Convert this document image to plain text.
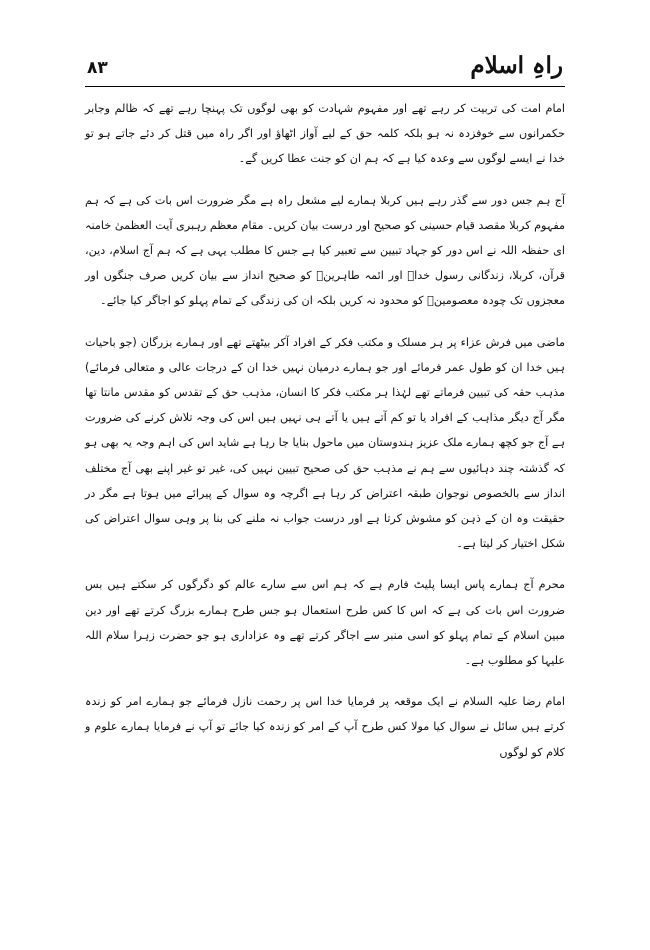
۸۳	راہِ اسلام

امام امت کی تربیت کر رہے تھے اور مفہوم شہادت کو بھی لوگوں تک پہنچا رہے تھے کہ ظالم وجابر حکمرانوں سے خوفزدہ نہ ہو بلکہ کلمہ حق کے لیے آواز اٹھاؤ اور اگر راہ میں قتل کر دئے جاتے ہو تو خدا نے ایسے لوگوں سے وعدہ کیا ہے کہ ہم ان کو جنت عطا کریں گے۔

آج ہم جس دور سے گذر رہے ہیں کربلا ہمارے لیے مشعل راہ ہے مگر ضرورت اس بات کی ہے کہ ہم مفہوم کربلا مقصد قیام حسینی کو صحیح اور درست بیان کریں۔ مقام معظم رہبری آیت العظمیٰ خامنہ ای حفظہ اللہ نے اس دور کو جہاد تبیین سے تعبیر کیا ہے جس کا مطلب یہی ہے کہ ہم آج اسلام، دین، قرآن، کربلا، زندگانی رسول خداؐ اور ائمہ طاہرینؑ کو صحیح انداز سے بیان کریں صرف جنگوں اور معجزوں تک چودہ معصومینؑ کو محدود نہ کریں بلکہ ان کی زندگی کے تمام پہلو کو اجاگر کیا جائے۔

ماضی میں فرش عزاء پر ہر مسلک و مکتب فکر کے افراد آکر بیٹھتے تھے اور ہمارے بزرگان (جو باحیات ہیں خدا ان کو طول عمر فرمائے اور جو ہمارے درمیان نہیں خدا ان کے درجات عالی و متعالی فرمائے) مذہب حقہ کی تبیین فرماتے تھے لہٰذا ہر مکتب فکر کا انسان، مذہب حق کے تقدس کو مقدس مانتا تھا مگر آج دیگر مذاہب کے افراد یا تو کم آتے ہیں یا آتے ہی نہیں ہیں اس کی وجہ تلاش کرنے کی ضرورت ہے آج جو کچھ ہمارے ملک عزیز ہندوستان میں ماحول بنایا جا رہا ہے شاید اس کی اہم وجہ یہ بھی ہو کہ گذشتہ چند دہائیوں سے ہم نے مذہب حق کی صحیح تبیین نہیں کی، غیر تو غیر اپنے بھی آج مختلف انداز سے بالخصوص نوجوان طبقہ اعتراض کر رہا ہے اگرچہ وہ سوال کے پیرائے میں ہوتا ہے مگر در حقیقت وہ ان کے ذہن کو مشوش کرتا ہے اور درست جواب نہ ملنے کی بنا پر وہی سوال اعتراض کی شکل اختیار کر لیتا ہے۔

محرم آج ہمارے پاس ایسا پلیٹ فارم ہے کہ ہم اس سے سارے عالم کو دگرگوں کر سکتے ہیں بس ضرورت اس بات کی ہے کہ اس کا کس طرح استعمال ہو جس طرح ہمارے بزرگ کرتے تھے اور دین مبین اسلام کے تمام پہلو کو اسی منبر سے اجاگر کرتے تھے وہ عزاداری ہو جو حضرت زہرا سلام اللہ علیہا کو مطلوب ہے۔

امام رضا علیہ السلام نے ایک موقعہ پر فرمایا خدا اس پر رحمت نازل فرمائے جو ہمارے امر کو زندہ کرتے ہیں سائل نے سوال کیا مولا کس طرح آپ کے امر کو زندہ کیا جائے تو آپ نے فرمایا ہمارے علوم و کلام کو لوگوں
